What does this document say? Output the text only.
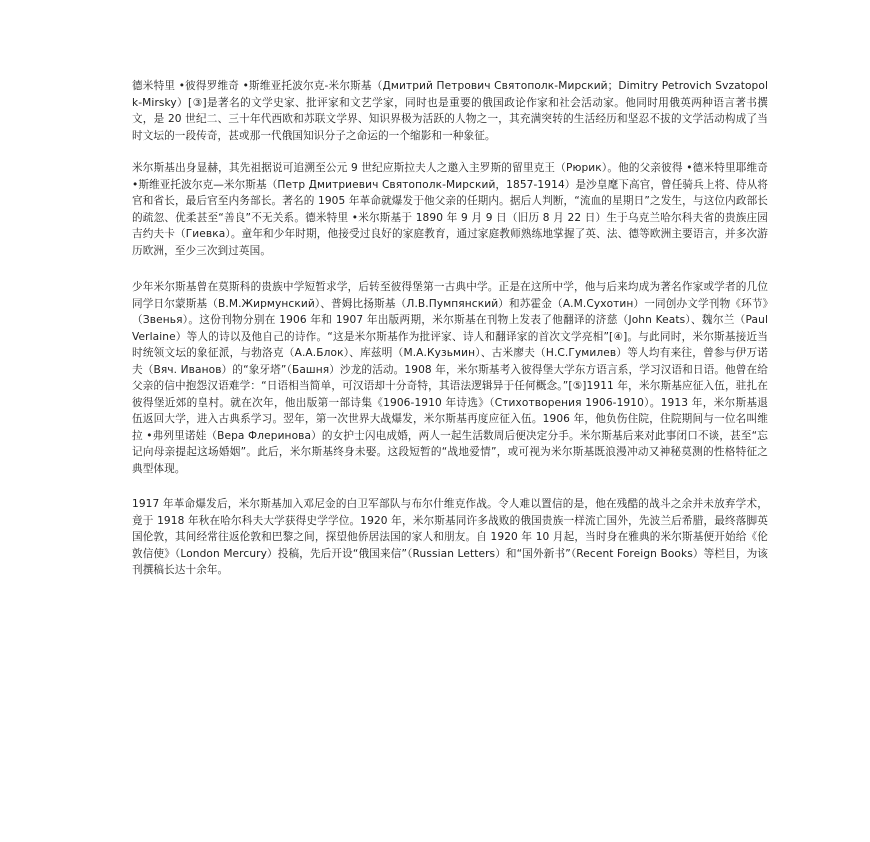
德米特里 •彼得罗维奇 •斯维亚托波尔克-米尔斯基（Дмитрий Петрович Святополк-Мирский；Dimitry Petrovich Svzatopolk-Mirsky）[③]是著名的文学史家、批评家和文艺学家，同时也是重要的俄国政论作家和社会活动家。他同时用俄英两种语言著书撰文，是 20 世纪二、三十年代西欧和苏联文学界、知识界极为活跃的人物之一，其充满突转的生活经历和坚忍不拔的文学活动构成了当时文坛的一段传奇，甚或那一代俄国知识分子之命运的一个缩影和一种象征。

米尔斯基出身显赫，其先祖据说可追溯至公元 9 世纪应斯拉夫人之邀入主罗斯的留里克王（Рюрик）。他的父亲彼得 •德米特里耶维奇 •斯维亚托波尔克—米尔斯基（Петр Дмитриевич Святополк-Мирский，1857-1914）是沙皇麾下高官，曾任骑兵上将、侍从将官和省长，最后官至内务部长。著名的 1905 年革命就爆发于他父亲的任期内。据后人判断，“流血的星期日”之发生，与这位内政部长的疏忽、优柔甚至“善良”不无关系。德米特里 •米尔斯基于 1890 年 9 月 9 日（旧历 8 月 22 日）生于乌克兰哈尔科夫省的贵族庄园吉约夫卡（Гиевка）。童年和少年时期，他接受过良好的家庭教育，通过家庭教师熟练地掌握了英、法、德等欧洲主要语言，并多次游历欧洲，至少三次到过英国。

少年米尔斯基曾在莫斯科的贵族中学短暂求学，后转至彼得堡第一古典中学。正是在这所中学，他与后来均成为著名作家或学者的几位同学日尔蒙斯基（В.М.Жирмунский）、普姆比扬斯基（Л.В.Пумпянский）和苏霍金（А.М.Сухотин）一同创办文学刊物《环节》（Звенья）。这份刊物分别在 1906 年和 1907 年出版两期，米尔斯基在刊物上发表了他翻译的济慈（John Keats）、魏尔兰（Paul Verlaine）等人的诗以及他自己的诗作。“这是米尔斯基作为批评家、诗人和翻译家的首次文学亮相”[④]。与此同时，米尔斯基接近当时统领文坛的象征派，与勃洛克（А.А.Блок）、库兹明（М.А.Кузьмин）、古米廖夫（Н.С.Гумилев）等人均有来往，曾参与伊万诺夫（Вяч. Иванов）的“象牙塔”（Башня）沙龙的活动。1908 年，米尔斯基考入彼得堡大学东方语言系，学习汉语和日语。他曾在给父亲的信中抱怨汉语难学：“日语相当简单，可汉语却十分奇特，其语法逻辑异于任何概念。”[⑤]1911 年，米尔斯基应征入伍，驻扎在彼得堡近郊的皇村。就在次年，他出版第一部诗集《1906-1910 年诗选》（Стихотворения 1906-1910）。1913 年，米尔斯基退伍返回大学，进入古典系学习。翌年，第一次世界大战爆发，米尔斯基再度应征入伍。1906 年，他负伤住院，住院期间与一位名叫维拉 •弗列里诺娃（Вера Флеринова）的女护士闪电成婚，两人一起生活数周后便决定分手。米尔斯基后来对此事闭口不谈，甚至“忘记向母亲提起这场婚姻”。此后，米尔斯基终身未娶。这段短暂的“战地爱情”，或可视为米尔斯基既浪漫冲动又神秘莫测的性格特征之典型体现。

1917 年革命爆发后，米尔斯基加入邓尼金的白卫军部队与布尔什维克作战。令人难以置信的是，他在残酷的战斗之余并未放弃学术，竟于 1918 年秋在哈尔科夫大学获得史学学位。1920 年，米尔斯基同许多战败的俄国贵族一样流亡国外，先波兰后希腊，最终落脚英国伦敦，其间经常往返伦敦和巴黎之间，探望他侨居法国的家人和朋友。自 1920 年 10 月起，当时身在雅典的米尔斯基便开始给《伦敦信使》（London Mercury）投稿，先后开设“俄国来信”（Russian Letters）和“国外新书”（Recent Foreign Books）等栏目，为该刊撰稿长达十余年。
